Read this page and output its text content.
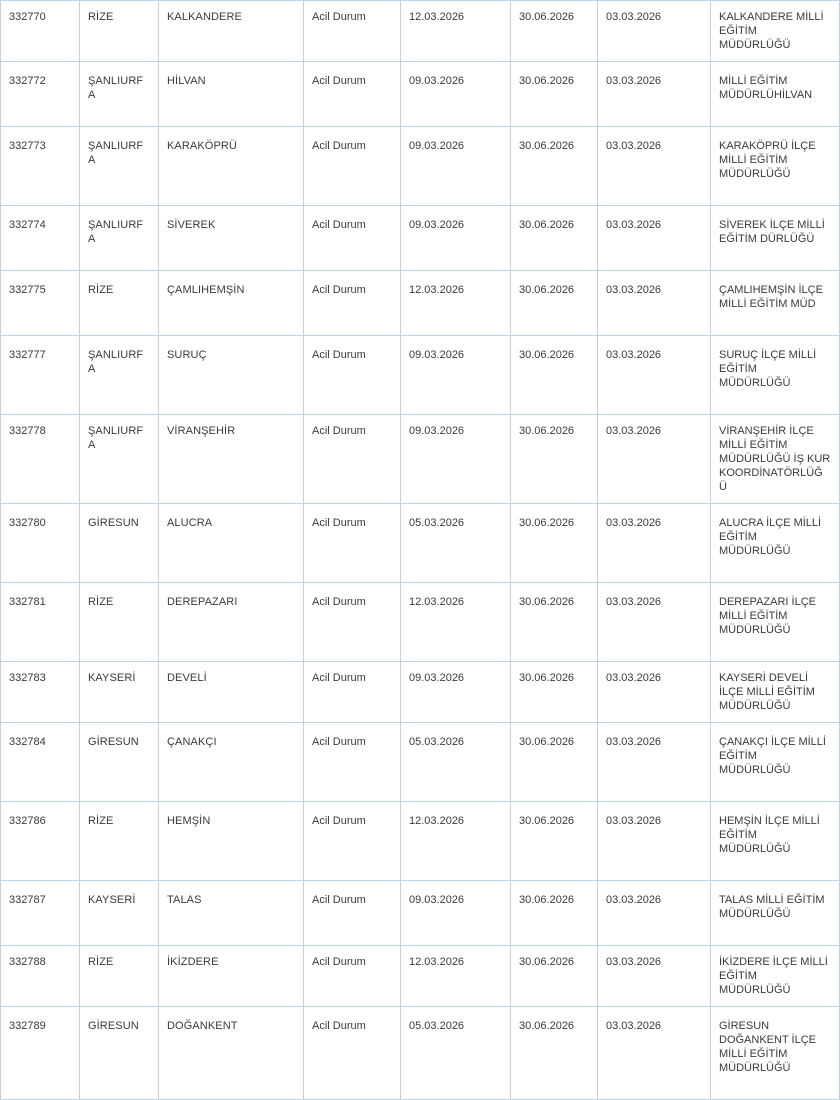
332770	RİZE	KALKANDERE	Acil Durum	12.03.2026	30.06.2026	03.03.2026	KALKANDERE MİLLİ EĞİTİM MÜDÜRLÜĞÜ
332772	ŞANLIURFA	HİLVAN	Acil Durum	09.03.2026	30.06.2026	03.03.2026	MİLLİ EĞİTİM MÜDÜRLÜHİLVAN
332773	ŞANLIURFA	KARAKÖPRÜ	Acil Durum	09.03.2026	30.06.2026	03.03.2026	KARAKÖPRÜ İLÇE MİLLİ EĞİTİM MÜDÜRLÜĞÜ
332774	ŞANLIURFA	SİVEREK	Acil Durum	09.03.2026	30.06.2026	03.03.2026	SİVEREK İLÇE MİLLİ EĞİTİM DÜRLÜĞÜ
332775	RİZE	ÇAMLIHEMŞİN	Acil Durum	12.03.2026	30.06.2026	03.03.2026	ÇAMLIHEMŞİN İLÇE MİLLİ EĞİTİM MÜD
332777	ŞANLIURFA	SURUÇ	Acil Durum	09.03.2026	30.06.2026	03.03.2026	SURUÇ İLÇE MİLLİ EĞİTİM MÜDÜRLÜĞÜ
332778	ŞANLIURFA	VİRANŞEHİR	Acil Durum	09.03.2026	30.06.2026	03.03.2026	VİRANŞEHİR İLÇE MİLLİ EĞİTİM MÜDÜRLÜĞÜ İŞ KUR KOORDİNATÖRLÜĞ Ü
332780	GİRESUN	ALUCRA	Acil Durum	05.03.2026	30.06.2026	03.03.2026	ALUCRA İLÇE MİLLİ EĞİTİM MÜDÜRLÜĞÜ
332781	RİZE	DEREPAZARI	Acil Durum	12.03.2026	30.06.2026	03.03.2026	DEREPAZARI İLÇE MİLLİ EĞİTİM MÜDÜRLÜĞÜ
332783	KAYSERİ	DEVELİ	Acil Durum	09.03.2026	30.06.2026	03.03.2026	KAYSERİ DEVELİ İLÇE MİLLİ EĞİTİM MÜDÜRLÜĞÜ
332784	GİRESUN	ÇANAKÇI	Acil Durum	05.03.2026	30.06.2026	03.03.2026	ÇANAKÇI İLÇE MİLLİ EĞİTİM MÜDÜRLÜĞÜ
332786	RİZE	HEMŞİN	Acil Durum	12.03.2026	30.06.2026	03.03.2026	HEMŞİN İLÇE MİLLİ EĞİTİM MÜDÜRLÜĞÜ
332787	KAYSERİ	TALAS	Acil Durum	09.03.2026	30.06.2026	03.03.2026	TALAS MİLLİ EĞİTİM MÜDÜRLÜĞÜ
332788	RİZE	İKİZDERE	Acil Durum	12.03.2026	30.06.2026	03.03.2026	İKİZDERE İLÇE MİLLİ EĞİTİM MÜDÜRLÜĞÜ
332789	GİRESUN	DOĞANKENT	Acil Durum	05.03.2026	30.06.2026	03.03.2026	GİRESUN DOĞANKENT İLÇE MİLLİ EĞİTİM MÜDÜRLÜĞÜ
